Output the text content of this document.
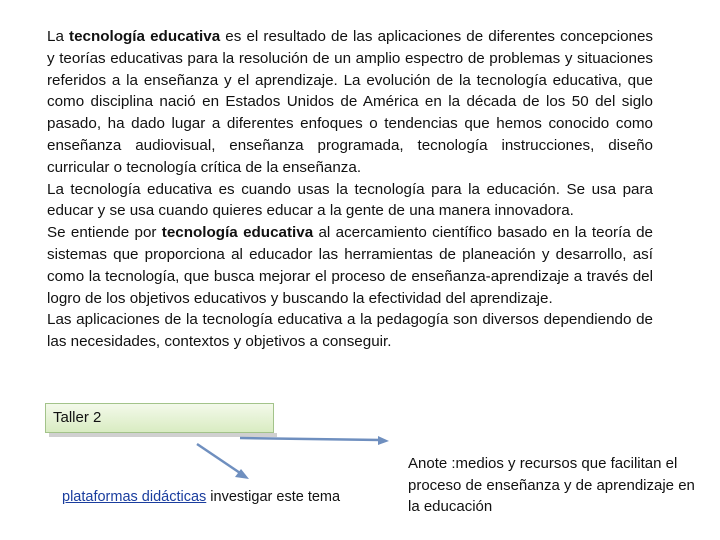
La tecnología educativa es el resultado de las aplicaciones de diferentes concepciones y teorías educativas para la resolución de un amplio espectro de problemas y situaciones referidos a la enseñanza y el aprendizaje. La evolución de la tecnología educativa, que como disciplina nació en Estados Unidos de América en la década de los 50 del siglo pasado, ha dado lugar a diferentes enfoques o tendencias que hemos conocido como enseñanza audiovisual, enseñanza programada, tecnología instrucciones, diseño curricular o tecnología crítica de la enseñanza.

La tecnología educativa es cuando usas la tecnología para la educación. Se usa para educar y se usa cuando quieres educar a la gente de una manera innovadora.

Se entiende por tecnología educativa al acercamiento científico basado en la teoría de sistemas que proporciona al educador las herramientas de planeación y desarrollo, así como la tecnología, que busca mejorar el proceso de enseñanza-aprendizaje a través del logro de los objetivos educativos y buscando la efectividad del aprendizaje.

Las aplicaciones de la tecnología educativa a la pedagogía son diversos dependiendo de las necesidades, contextos y objetivos a conseguir.

Taller 2
plataformas didácticas investigar este tema
Anote :medios y recursos que facilitan el proceso de enseñanza y de aprendizaje en la educación
